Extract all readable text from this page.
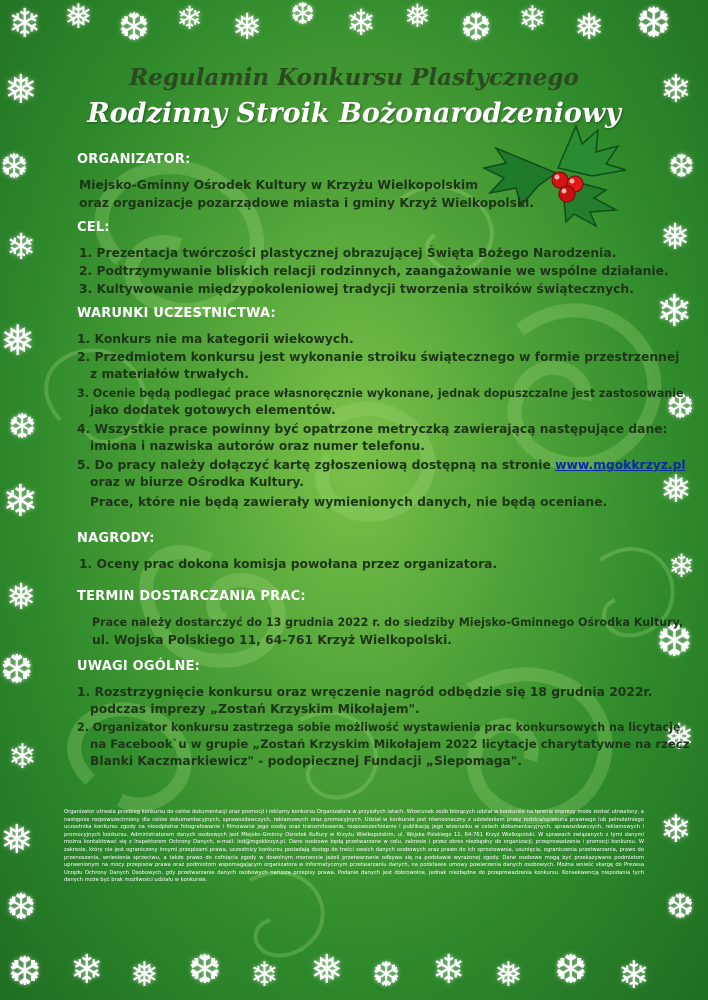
❄ ❅ ❆ ❄ ❅ ❆ ❄ ❅ ❆ ❄ ❅ ❆
❅
❆
❄
❅
❆
❄
❅
❆
❄
❅
❆
❄
❆
❅
❄
❆
❅
❄
❆
❅
❄
❆
❆ ❄ ❅ ❆ ❄ ❅ ❆ ❄ ❅ ❆ ❄
Regulamin Konkursu Plastycznego
Rodzinny Stroik Bożonarodzeniowy
ORGANIZATOR:
Miejsko-Gminny Ośrodek Kultury w Krzyżu Wielkopolskim
oraz organizacje pozarządowe miasta i gminy Krzyż Wielkopolski.
CEL:
1. Prezentacja twórczości plastycznej obrazującej Święta Bożego Narodzenia.
2. Podtrzymywanie bliskich relacji rodzinnych, zaangażowanie we wspólne działanie.
3. Kultywowanie międzypokoleniowej tradycji tworzenia stroików świątecznych.
WARUNKI UCZESTNICTWA:
1. Konkurs nie ma kategorii wiekowych.
2. Przedmiotem konkursu jest wykonanie stroiku świątecznego w formie przestrzennej
z materiałów trwałych.
3. Ocenie będą podlegać prace własnoręcznie wykonane, jednak dopuszczalne jest zastosowanie
jako dodatek gotowych elementów.
4. Wszystkie prace powinny być opatrzone metryczką zawierającą następujące dane:
imiona i nazwiska autorów oraz numer telefonu.
5. Do pracy należy dołączyć kartę zgłoszeniową dostępną na stronie www.mgokkrzyz.pl
oraz w biurze Ośrodka Kultury.
Prace, które nie będą zawierały wymienionych danych, nie będą oceniane.
NAGRODY:
1. Oceny prac dokona komisja powołana przez organizatora.
TERMIN DOSTARCZANIA PRAC:
Prace należy dostarczyć do 13 grudnia 2022 r. do siedziby Miejsko-Gminnego Ośrodka Kultury,
ul. Wojska Polskiego 11, 64-761 Krzyż Wielkopolski.
UWAGI OGÓLNE:
1. Rozstrzygnięcie konkursu oraz wręczenie nagród odbędzie się 18 grudnia 2022r.
podczas imprezy „Zostań Krzyskim Mikołajem".
2. Organizator konkursu zastrzega sobie możliwość wystawienia prac konkursowych na licytację
na Facebook`u w grupie „Zostań Krzyskim Mikołajem 2022 licytacje charytatywne na rzecz
Blanki Kaczmarkiewicz" - podopiecznej Fundacji „Siepomaga".
Organizator utrwala przebieg konkursu do celów dokumentacji oraz promocji i reklamy konkursu Organizatora w przyszłych latach. Wizerunek osób biorących udział w konkursie na terenie imprezy może zostać utrwalony, a następnie rozpowszechniony dla celów dokumentacyjnych, sprawozdawczych, reklamowych oraz promocyjnych. Udział w konkursie jest równoznaczny z udzieleniem przez rodzica/opiekuna prawnego lub pełnoletniego uczestnika konkursu zgody na nieodpłatne fotografowanie i filmowanie jego osoby oraz transmitowanie, rozpowszechnianie i publikację jego wizerunku w celach dokumentacyjnych, sprawozdawczych, reklamowych i promocyjnych konkursu. Administratorem danych osobowych jest Miejsko-Gminny Ośrodek Kultury w Krzyżu Wielkopolskim, ul. Wojska Polskiego 11, 64-761 Krzyż Wielkopolski. W sprawach związanych z tymi danymi można kontaktować się z Inspektorem Ochrony Danych, e-mail: iod@mgokkrzyz.pl. Dane osobowe będą przetwarzane w celu, zakresie i przez okres niezbędny do organizacji, przeprowadzenia i promocji konkursu. W zakresie, który nie jest ograniczony innymi przepisami prawa, uczestnicy konkursu posiadają dostęp do treści swoich danych osobowych oraz prawo do ich sprostowania, usunięcia, ograniczenia przetwarzania, prawo do przenoszenia, wniesienia sprzeciwu, a także prawo do cofnięcia zgody w dowolnym momencie jeżeli przetwarzanie odbywa się na podstawie wyrażonej zgody. Dane osobowe mogą być przekazywane podmiotom uprawnionym na mocy przepisów prawa oraz podmiotom wspomagającym organizatora w informatycznym przetwarzaniu danych, na podstawie umowy powierzenia danych osobowych. Można wnieść skargę do Prezesa Urzędu Ochrony Danych Osobowych, gdy przetwarzanie danych osobowych narusza przepisy prawa. Podanie danych jest dobrowolne, jednak niezbędne do przeprowadzenia konkursu. Konsekwencją niepodania tych danych może być brak możliwości udziału w konkursie.
